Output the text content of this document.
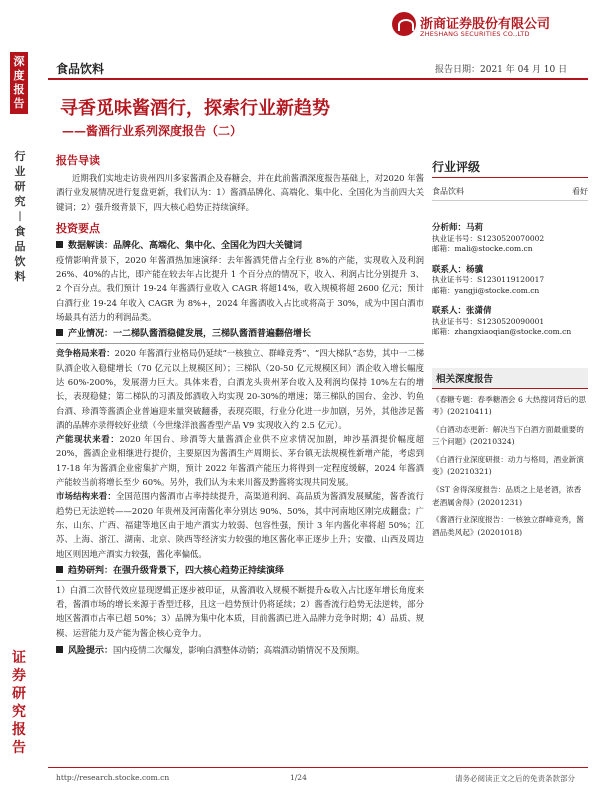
深度报告
行
业
研
究
︱
食
品
饮
料
证
券
研
究
报
告
浙商证券股份有限公司
ZHESHANG SECURITIES CO.,LTD
食品饮料	报告日期：2021 年 04 月 10 日
寻香觅味酱酒行，探索行业新趋势
——酱酒行业系列深度报告（二）
报告导读
近期我们实地走访贵州四川多家酱酒企及春糖会，并在此前酱酒深度报告基础上，对2020 年酱酒行业发展情况进行复盘更新，我们认为：1）酱酒品牌化、高端化、集中化、全国化为当前四大关键词；2）强升级背景下，四大核心趋势正持续演绎。
投资要点
数据解读：品牌化、高端化、集中化、全国化为四大关键词
疫情影响背景下，2020 年酱酒热加速演绎：去年酱酒凭借占全行业 8%的产能，实现收入及利润 26%、40%的占比，即产能在较去年占比提升 1 个百分点的情况下，收入、利润占比分别提升 3、2 个百分点。我们预计 19-24 年酱酒行业收入 CAGR 将超14%，收入规模将超 2600 亿元；预计白酒行业 19-24 年收入 CAGR 为 8%+，2024 年酱酒收入占比或将高于 30%，成为中国白酒市场最具有活力的利润品类。
产业情况：一二梯队酱酒稳健发展，三梯队酱酒普遍翻倍增长
竞争格局来看：2020 年酱酒行业格局仍延续“一核独立、群峰竞秀”、“四大梯队”态势，其中一二梯队酒企收入稳健增长（70 亿元以上规模区间）；三梯队（20-50 亿元规模区间）酒企收入增长幅度达 60%-200%，发展潜力巨大。具体来看，白酒龙头贵州茅台收入及利润均保持 10%左右的增长，表现稳健；第二梯队的习酒及郎酒收入均实现 20-30%的增速；第三梯队的国台、金沙、钓鱼台酒、珍酒等酱酒企业普遍迎来量突破翻番，表现亮眼，行业分化进一步加剧，另外，其他涉足酱酒的品牌亦录得较好业绩（今世缘洋浪酱香型产品 V9 实现收入约 2.5 亿元）。
产能现状来看：2020 年国台、珍酒等大量酱酒企业供不应求情况加剧，坤沙基酒提价幅度超 20%，酱酒企业相继进行提价，主要原因为酱酒生产周期长、茅台镇无法规模性新增产能，考虑到 17-18 年为酱酒企业密集扩产期，预计 2022 年酱酒产能压力将得到一定程度缓解，2024 年酱酒产能较当前将增长至少 60%。另外，我们认为未来川酱及黔酱将实现共同发展。
市场结构来看：全国范围内酱酒市占率持续提升，高渠道利润、高品质为酱酒发展赋能，酱香流行趋势已无法逆转——2020 年贵州及河南酱化率分别达 90%、50%，其中河南地区刚完成翻盘；广东、山东、广西、福建等地区由于地产酒实力较弱、包容性强，预计 3 年内酱化率将超 50%；江苏、上海、浙江、湖南、北京、陕西等经济实力较强的地区酱化率正逐步上升；安徽、山西及周边地区则因地产酒实力较强，酱化率偏低。
趋势研判：在强升级背景下，四大核心趋势正持续演绎
1）白酒二次替代效应显现逻辑正逐步被印证，从酱酒收入规模不断提升&收入占比逐年增长角度来看，酱酒市场的增长来源于香型迁移，且这一趋势预计仍将延续；2）酱香流行趋势无法逆转，部分地区酱酒市占率已超 50%；3）品牌为集中化本质，目前酱酒已进入品牌力竞争时期；4）品质、规模、运营能力及产能为酱企核心竞争力。
风险提示：国内疫情二次爆发，影响白酒整体动销；高端酒动销情况不及预期。
行业评级
食品饮料	看好
分析师：马莉
执业证书号：S1230520070002
邮箱：mali@stocke.com.cn
联系人：杨骥
执业证书号：S1230119120017
邮箱：yangji@stocke.com.cn
联系人：张潇倩
执业证书号：S1230520090001
邮箱：zhangxiaoqian@stocke.com.cn
相关深度报告
《春糖专题：春季糖酒会 6 大热搜词背后的思考》(20210411)
《白酒动态更新：解决当下白酒方面最重要的三个问题》(20210324)
《白酒行业深度研报：动力与格局，酒业新演变》(20210321)
《ST 舍得深度报告：品质之上是老酒，浓香老酒属舍得》(20201231)
《酱酒行业深度报告：一核独立群峰竞秀，酱酒品类风起》(20201018)
http://research.stocke.com.cn	1/24	请务必阅读正文之后的免责条款部分
